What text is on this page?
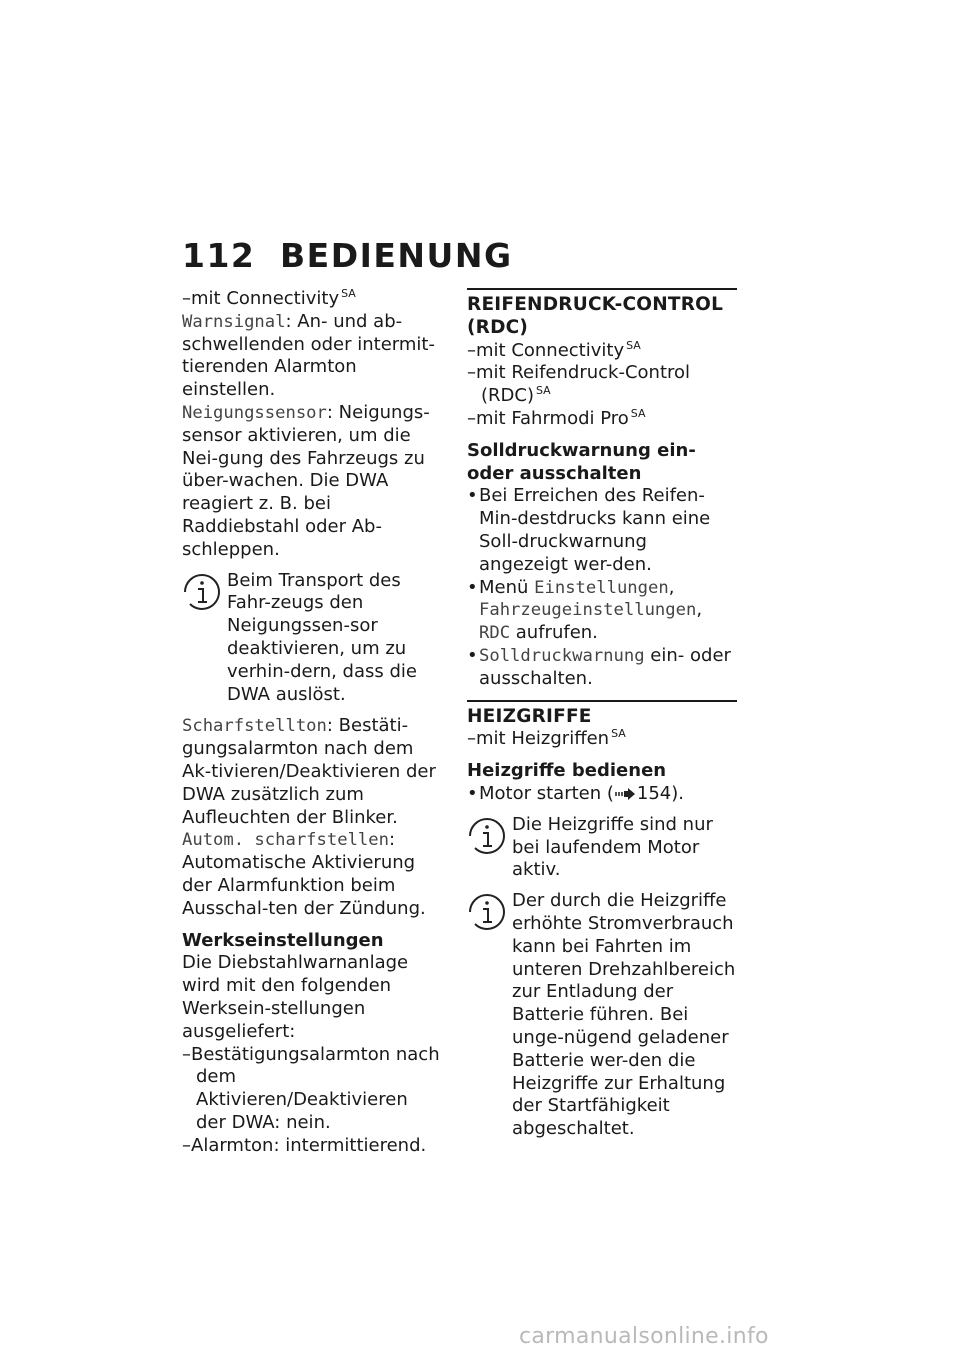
112 BEDIENUNG

–mit Connectivity $^{SA}$

Warnsignal: An- und ab-schwellenden oder intermit-tierenden Alarmton einstellen.

Neigungssensor: Neigungs-sensor aktivieren, um die Nei-gung des Fahrzeugs zu über-wachen. Die DWA reagiert z. B. bei Raddiebstahl oder Ab-schleppen.

Beim Transport des Fahr-zeugs den Neigungssen-sor deaktivieren, um zu verhin-dern, dass die DWA auslöst.

Scharfstellton: Bestäti-gungsalarmton nach dem Ak-tivieren/Deaktivieren der DWA zusätzlich zum Aufleuchten der Blinker.

Autom. scharfstellen: Automatische Aktivierung der Alarmfunktion beim Ausschal-ten der Zündung.

Werkseinstellungen

Die Diebstahlwarnanlage wird mit den folgenden Werksein-stellungen ausgeliefert:

–Bestätigungsalarmton nach dem Aktivieren/Deaktivieren der DWA: nein.

–Alarmton: intermittierend.

REIFENDRUCK-CONTROL (RDC)

–mit Connectivity $^{SA}$

–mit Reifendruck-Control (RDC) $^{SA}$

–mit Fahrmodi Pro $^{SA}$

Solldruckwarnung ein- oder ausschalten

•Bei Erreichen des Reifen-Min-destdrucks kann eine Soll-druckwarnung angezeigt wer-den.

•Menü Einstellungen, Fahrzeugeinstellungen, RDC aufrufen.

•Solldruckwarnung ein- oder ausschalten.

HEIZGRIFFE

–mit Heizgriffen $^{SA}$

Heizgriffe bedienen

•Motor starten ( 154).

Die Heizgriffe sind nur bei laufendem Motor aktiv.

Der durch die Heizgriffe erhöhte Stromverbrauch kann bei Fahrten im unteren Drehzahlbereich zur Entladung der Batterie führen. Bei unge-nügend geladener Batterie wer-den die Heizgriffe zur Erhaltung der Startfähigkeit abgeschaltet.

carmanualsonline.info
